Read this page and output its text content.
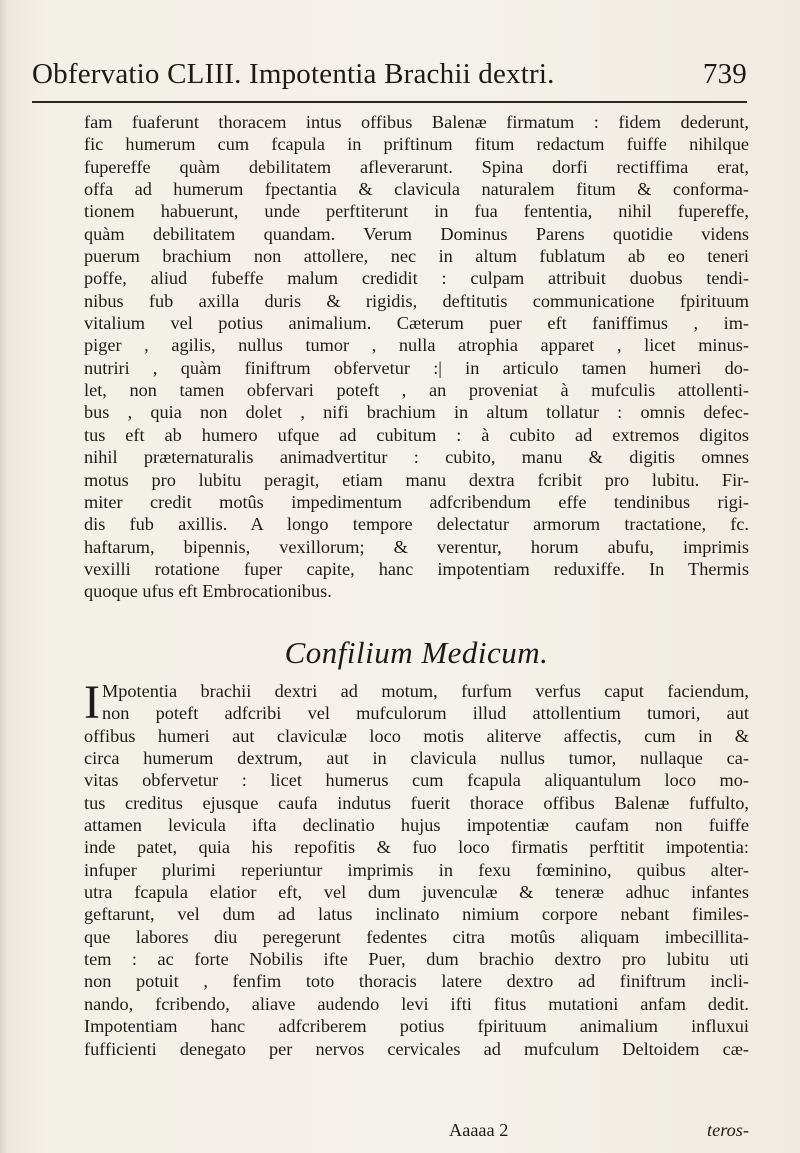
Obfervatio CLIII. Impotentia Brachii dextri.	739
fam fuaferunt thoracem intus offibus Balenæ firmatum : fidem dederunt,
fic humerum cum fcapula in priftinum fitum redactum fuiffe nihilque
fupereffe quàm debilitatem afleverarunt. Spina dorfi rectiffima erat,
offa ad humerum fpectantia & clavicula naturalem fitum & conforma-
tionem habuerunt, unde perftiterunt in fua fententia, nihil fupereffe,
quàm debilitatem quandam. Verum Dominus Parens quotidie videns
puerum brachium non attollere, nec in altum fublatum ab eo teneri
poffe, aliud fubeffe malum credidit : culpam attribuit duobus tendi-
nibus fub axilla duris & rigidis, deftitutis communicatione fpirituum
vitalium vel potius animalium. Cæterum puer eft faniffimus , im-
piger , agilis, nullus tumor , nulla atrophia apparet , licet minus-
nutriri , quàm finiftrum obfervetur :| in articulo tamen humeri do-
let, non tamen obfervari poteft , an proveniat à mufculis attollenti-
bus , quia non dolet , nifi brachium in altum tollatur : omnis defec-
tus eft ab humero ufque ad cubitum : à cubito ad extremos digitos
nihil præternaturalis animadvertitur : cubito, manu & digitis omnes
motus pro lubitu peragit, etiam manu dextra fcribit pro lubitu. Fir-
miter credit motûs impedimentum adfcribendum effe tendinibus rigi-
dis fub axillis. A longo tempore delectatur armorum tractatione, fc.
haftarum, bipennis, vexillorum; & verentur, horum abufu, imprimis
vexilli rotatione fuper capite, hanc impotentiam reduxiffe. In Thermis
quoque ufus eft Embrocationibus.
Confilium Medicum.
I Mpotentia brachii dextri ad motum, furfum verfus caput faciendum,
non poteft adfcribi vel mufculorum illud attollentium tumori, aut
offibus humeri aut claviculæ loco motis aliterve affectis, cum in &
circa humerum dextrum, aut in clavicula nullus tumor, nullaque ca-
vitas obfervetur : licet humerus cum fcapula aliquantulum loco mo-
tus creditus ejusque caufa indutus fuerit thorace offibus Balenæ fuffulto,
attamen levicula ifta declinatio hujus impotentiæ caufam non fuiffe
inde patet, quia his repofitis & fuo loco firmatis perftitit impotentia:
infuper plurimi reperiuntur imprimis in fexu fœminino, quibus alter-
utra fcapula elatior eft, vel dum juvenculæ & teneræ adhuc infantes
geftarunt, vel dum ad latus inclinato nimium corpore nebant fimiles-
que labores diu peregerunt fedentes citra motûs aliquam imbecillita-
tem : ac forte Nobilis ifte Puer, dum brachio dextro pro lubitu uti
non potuit , fenfim toto thoracis latere dextro ad finiftrum incli-
nando, fcribendo, aliave audendo levi ifti fitus mutationi anfam dedit.
Impotentiam hanc adfcriberem potius fpirituum animalium influxui
fufficienti denegato per nervos cervicales ad mufculum Deltoidem cæ-
Aaaaa 2	teros-
